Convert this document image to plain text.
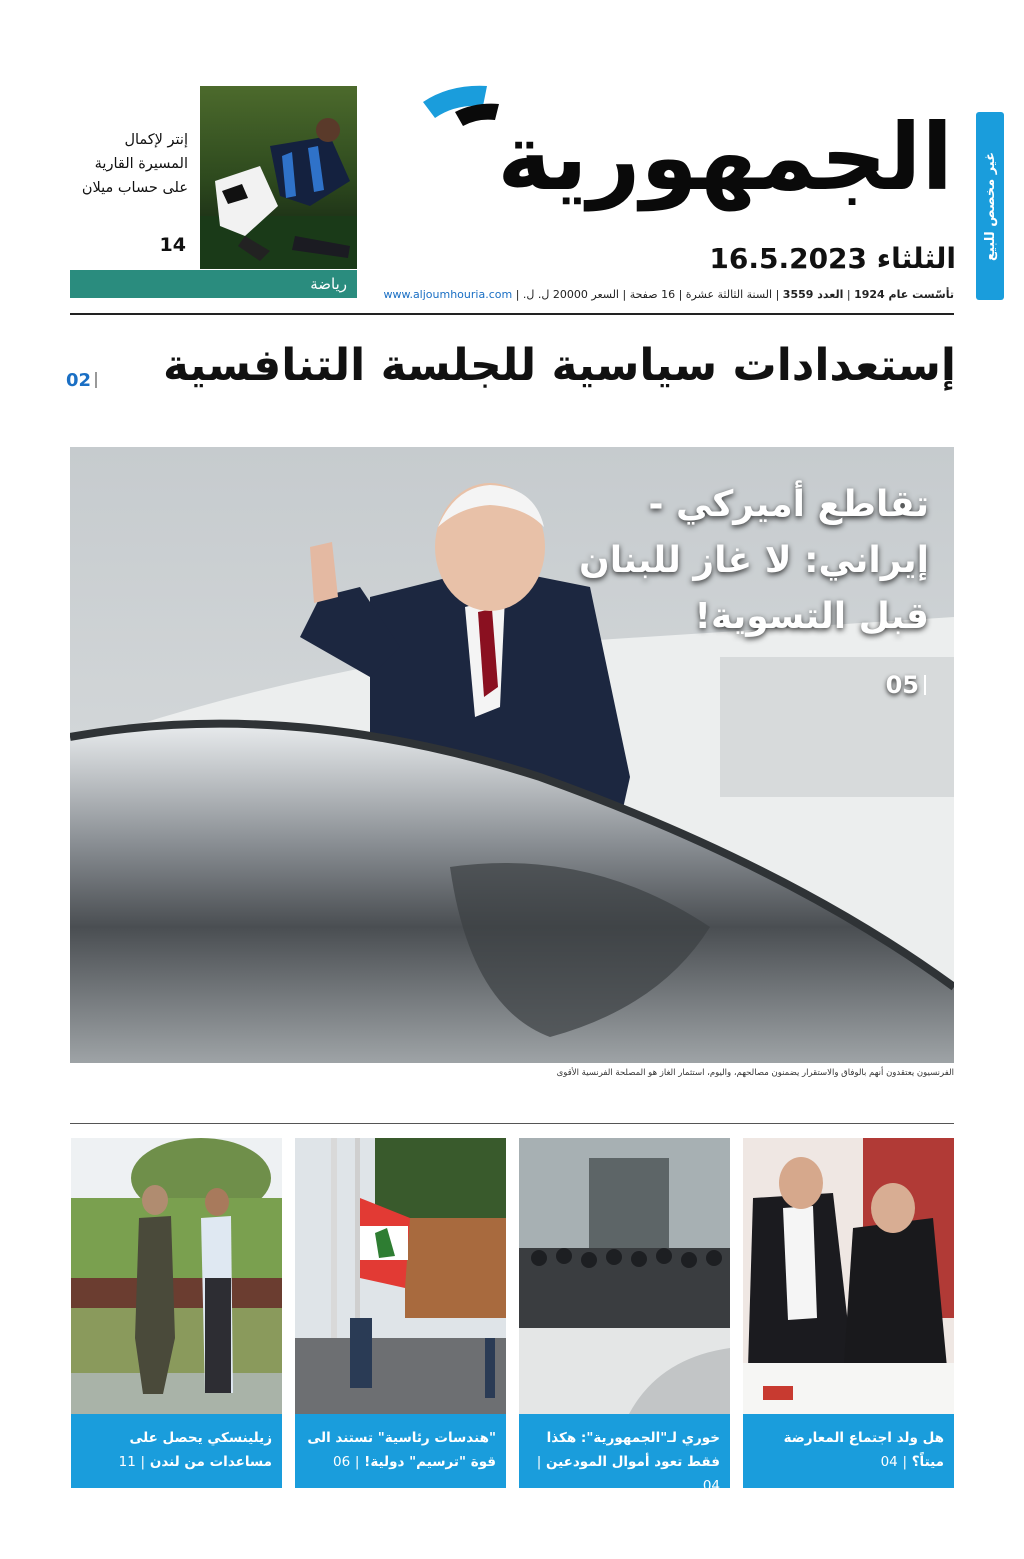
غير مخصص للبيع
الجمهورية
الثلثاء 16.5.2023
تأسّست عام 1924 | العدد 3559 | السنة الثالثة عشرة | 16 صفحة | السعر 20000 ل. ل. | www.aljoumhouria.com
إنتر لإكمال المسيرة القارية على حساب ميلان
14
رياضة
إستعدادات سياسية للجلسة التنافسية
02
تقاطع أميركي - إيراني: لا غاز للبنان قبل التسوية!
05
الفرنسيون يعتقدون أنهم بالوفاق والاستقرار يضمنون مصالحهم، واليوم، استثمار الغاز هو المصلحة الفرنسية الأقوى
هل ولد اجتماع المعارضة ميتاً؟ | 04
خوري لـ"الجمهورية": هكذا فقط تعود أموال المودعين | 04
"هندسات رئاسية" تستند الى قوة "ترسيم" دولية! | 06
زيلينسكي يحصل على مساعدات من لندن | 11
